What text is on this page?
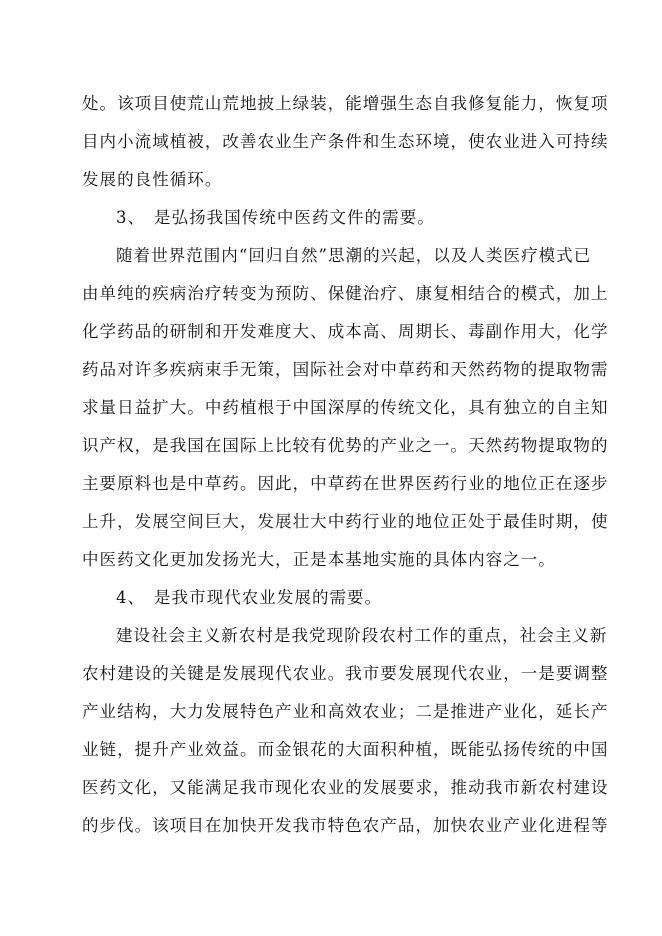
处。该项目使荒山荒地披上绿装，能增强生态自我修复能力，恢复项
目内小流域植被，改善农业生产条件和生态环境，使农业进入可持续
发展的良性循环。
3、 是弘扬我国传统中医药文件的需要。
随着世界范围内“回归自然”思潮的兴起，以及人类医疗模式已
由单纯的疾病治疗转变为预防、保健治疗、康复相结合的模式，加上
化学药品的研制和开发难度大、成本高、周期长、毒副作用大，化学
药品对许多疾病束手无策，国际社会对中草药和天然药物的提取物需
求量日益扩大。中药植根于中国深厚的传统文化，具有独立的自主知
识产权，是我国在国际上比较有优势的产业之一。天然药物提取物的
主要原料也是中草药。因此，中草药在世界医药行业的地位正在逐步
上升，发展空间巨大，发展壮大中药行业的地位正处于最佳时期，使
中医药文化更加发扬光大，正是本基地实施的具体内容之一。
4、 是我市现代农业发展的需要。
建设社会主义新农村是我党现阶段农村工作的重点，社会主义新
农村建设的关键是发展现代农业。我市要发展现代农业，一是要调整
产业结构，大力发展特色产业和高效农业；二是推进产业化，延长产
业链，提升产业效益。而金银花的大面积种植，既能弘扬传统的中国
医药文化，又能满足我市现化农业的发展要求，推动我市新农村建设
的步伐。该项目在加快开发我市特色农产品，加快农业产业化进程等
